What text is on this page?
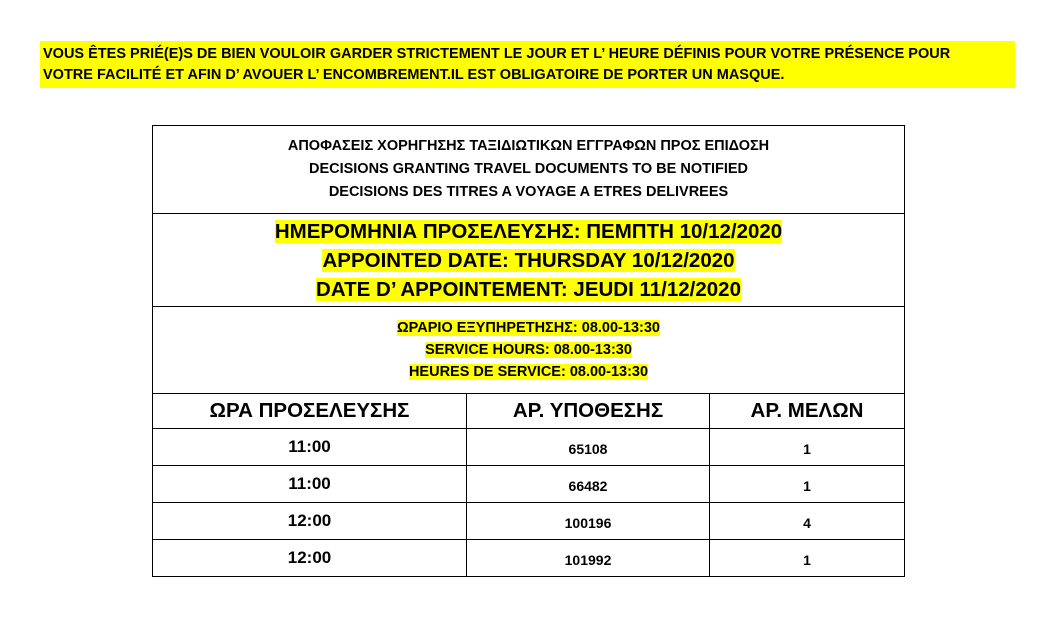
VOUS ÊTES PRIÉ(E)S DE BIEN VOULOIR GARDER STRICTEMENT LE JOUR ET L’ HEURE DÉFINIS POUR VOTRE PRÉSENCE POUR
VOTRE FACILITÉ ET AFIN D’ AVOUER L’ ENCOMBREMENT.IL EST OBLIGATOIRE DE PORTER UN MASQUE.
ΑΠΟΦΑΣΕΙΣ ΧΟΡΗΓΗΣΗΣ ΤΑΞΙΔΙΩΤΙΚΩΝ ΕΓΓΡΑΦΩΝ ΠΡΟΣ ΕΠΙΔΟΣΗ
DECISIONS GRANTING TRAVEL DOCUMENTS TO BE NOTIFIED
DECISIONS DES TITRES A VOYAGE A ETRES DELIVREES		

ΗΜΕΡΟΜΗΝΙΑ ΠΡΟΣΕΛΕΥΣΗΣ: ΠΕΜΠΤΗ 10/12/2020
APPOINTED DATE: THURSDAY 10/12/2020
DATE D’ APPOINTEMENT: JEUDI 11/12/2020		

ΩΡΑΡΙΟ ΕΞΥΠΗΡΕΤΗΣΗΣ: 08.00-13:30
SERVICE HOURS: 08.00-13:30
HEURES DE SERVICE: 08.00-13:30		

ΩΡΑ ΠΡΟΣΕΛΕΥΣΗΣ	ΑΡ. ΥΠΟΘΕΣΗΣ	ΑΡ. ΜΕΛΩΝ
11:00	65108	1
11:00	66482	1
12:00	100196	4
12:00	101992	1
